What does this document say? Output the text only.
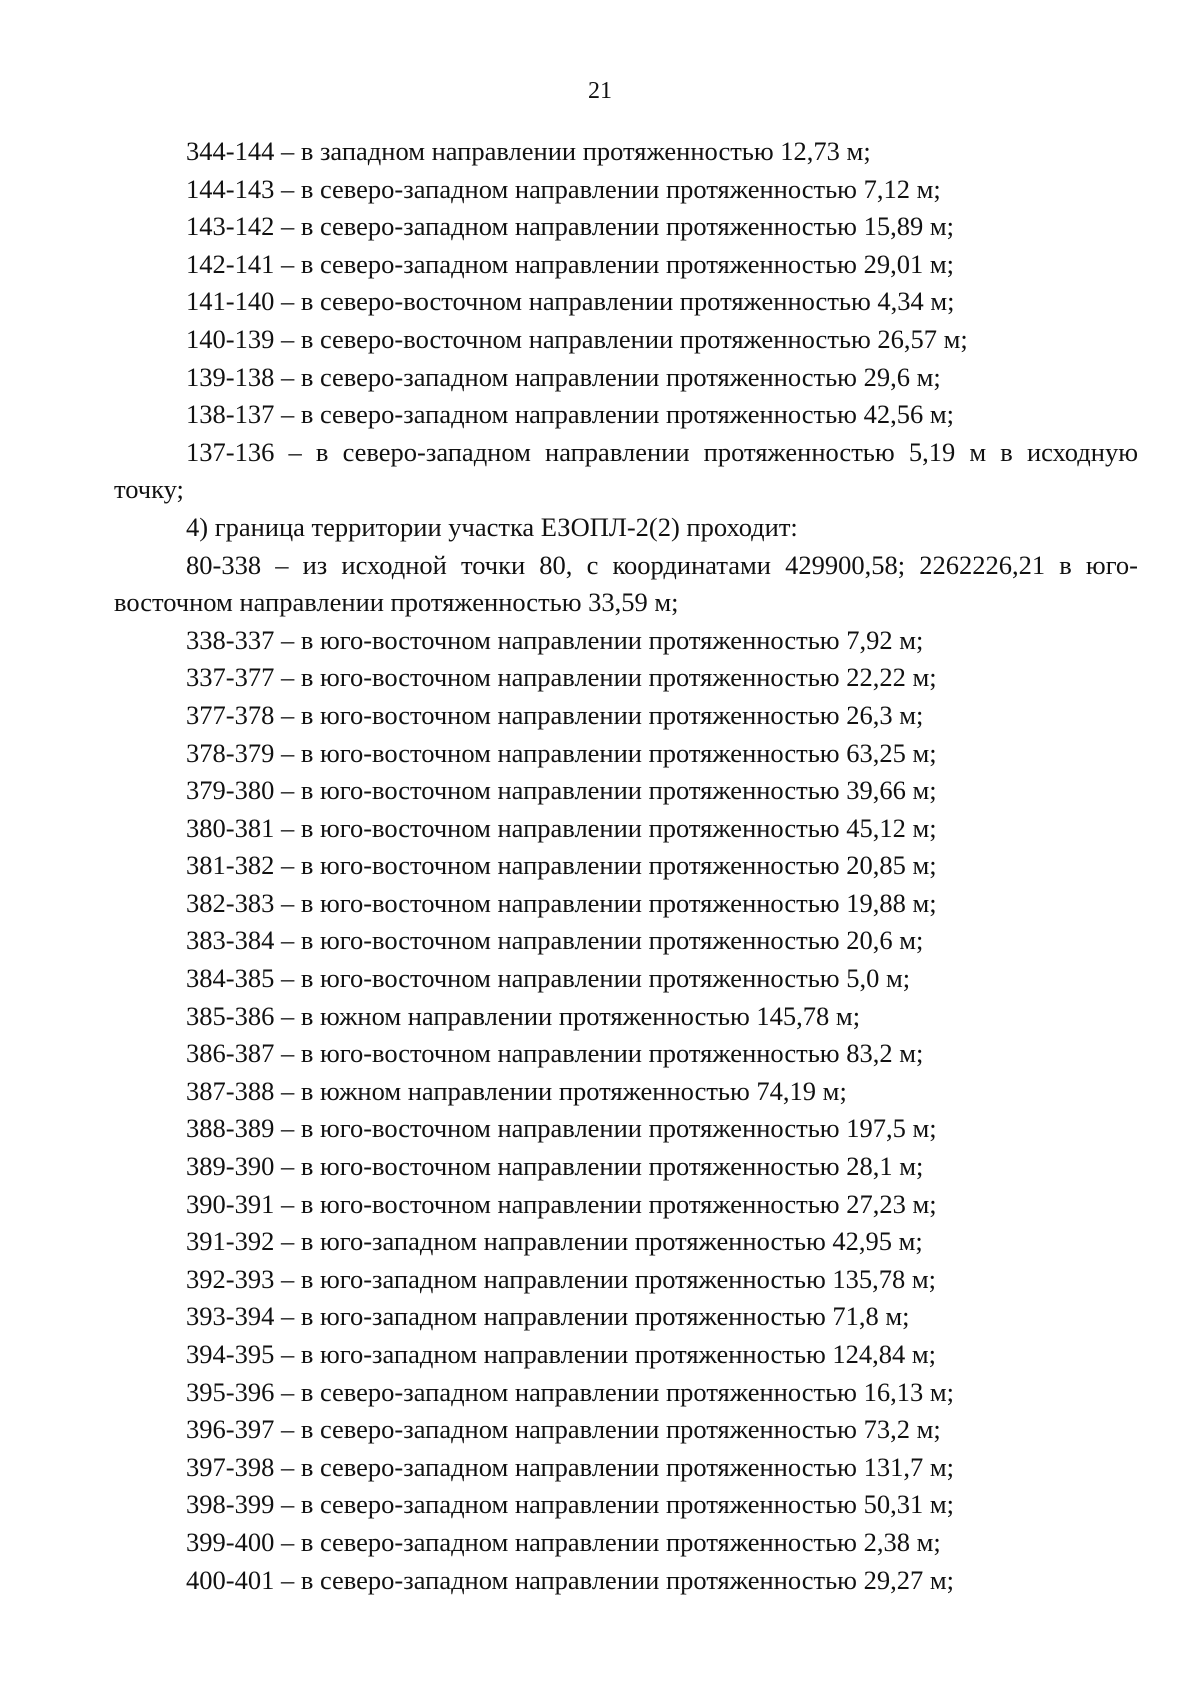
21
344-144 – в западном направлении протяженностью 12,73 м;
144-143 – в северо-западном направлении протяженностью 7,12 м;
143-142 – в северо-западном направлении протяженностью 15,89 м;
142-141 – в северо-западном направлении протяженностью 29,01 м;
141-140 – в северо-восточном направлении протяженностью 4,34 м;
140-139 – в северо-восточном направлении протяженностью 26,57 м;
139-138 – в северо-западном направлении протяженностью 29,6 м;
138-137 – в северо-западном направлении протяженностью 42,56 м;
137-136 – в северо-западном направлении протяженностью 5,19 м в исходную
точку;
4) граница территории участка ЕЗОПЛ-2(2) проходит:
80-338 – из исходной точки 80, с координатами 429900,58; 2262226,21 в юго-
восточном направлении протяженностью 33,59 м;
338-337 – в юго-восточном направлении протяженностью 7,92 м;
337-377 – в юго-восточном направлении протяженностью 22,22 м;
377-378 – в юго-восточном направлении протяженностью 26,3 м;
378-379 – в юго-восточном направлении протяженностью 63,25 м;
379-380 – в юго-восточном направлении протяженностью 39,66 м;
380-381 – в юго-восточном направлении протяженностью 45,12 м;
381-382 – в юго-восточном направлении протяженностью 20,85 м;
382-383 – в юго-восточном направлении протяженностью 19,88 м;
383-384 – в юго-восточном направлении протяженностью 20,6 м;
384-385 – в юго-восточном направлении протяженностью 5,0 м;
385-386 – в южном направлении протяженностью 145,78 м;
386-387 – в юго-восточном направлении протяженностью 83,2 м;
387-388 – в южном направлении протяженностью 74,19 м;
388-389 – в юго-восточном направлении протяженностью 197,5 м;
389-390 – в юго-восточном направлении протяженностью 28,1 м;
390-391 – в юго-восточном направлении протяженностью 27,23 м;
391-392 – в юго-западном направлении протяженностью 42,95 м;
392-393 – в юго-западном направлении протяженностью 135,78 м;
393-394 – в юго-западном направлении протяженностью 71,8 м;
394-395 – в юго-западном направлении протяженностью 124,84 м;
395-396 – в северо-западном направлении протяженностью 16,13 м;
396-397 – в северо-западном направлении протяженностью 73,2 м;
397-398 – в северо-западном направлении протяженностью 131,7 м;
398-399 – в северо-западном направлении протяженностью 50,31 м;
399-400 – в северо-западном направлении протяженностью 2,38 м;
400-401 – в северо-западном направлении протяженностью 29,27 м;
